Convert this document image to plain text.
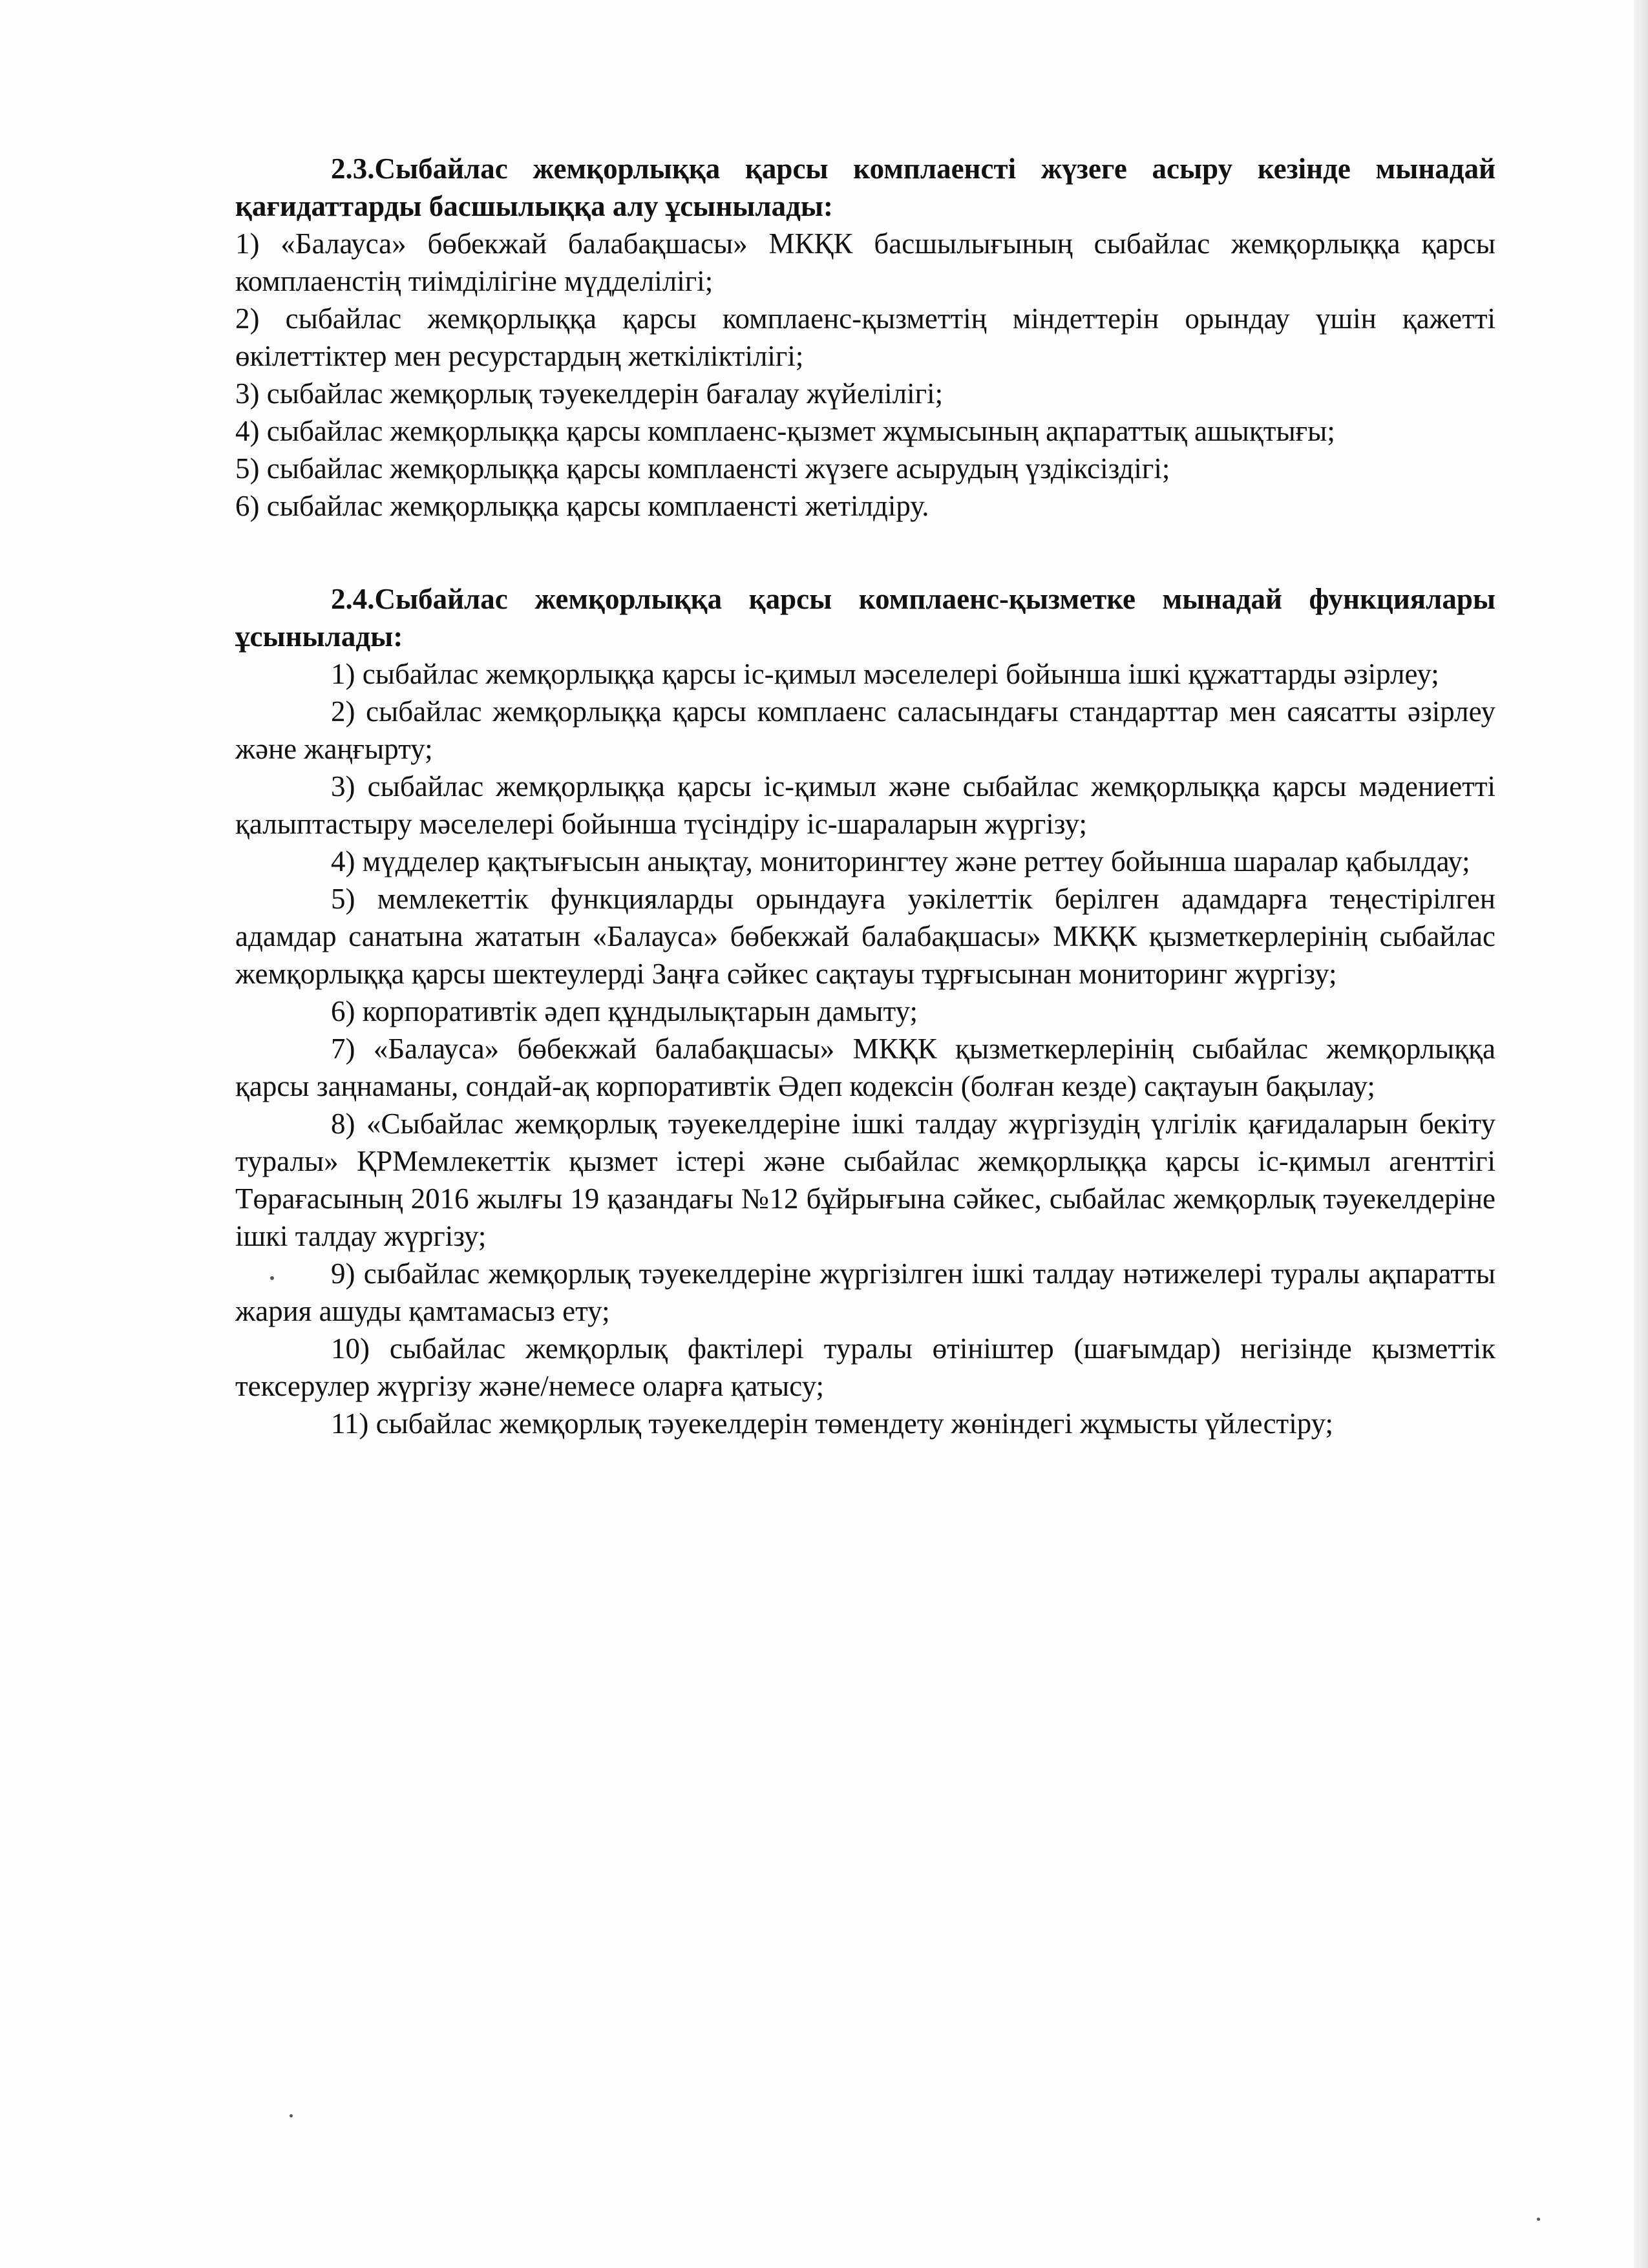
2.3.Сыбайлас жемқорлыққа қарсы комплаенсті жүзеге асыру кезінде мынадай қағидаттарды басшылыққа алу ұсынылады:

1) «Балауса» бөбекжай балабақшасы» МКҚК басшылығының сыбайлас жемқорлыққа қарсы комплаенстің тиімділігіне мүдделілігі;

2) сыбайлас жемқорлыққа қарсы комплаенс-қызметтің міндеттерін орындау үшін қажетті өкілеттіктер мен ресурстардың жеткіліктілігі;

3) сыбайлас жемқорлық тәуекелдерін бағалау жүйелілігі;

4) сыбайлас жемқорлыққа қарсы комплаенс-қызмет жұмысының ақпараттық ашықтығы;

5) сыбайлас жемқорлыққа қарсы комплаенсті жүзеге асырудың үздіксіздігі;

6) сыбайлас жемқорлыққа қарсы комплаенсті жетілдіру.

2.4.Сыбайлас жемқорлыққа қарсы комплаенс-қызметке мынадай функциялары ұсынылады:

1) сыбайлас жемқорлыққа қарсы іс-қимыл мәселелері бойынша ішкі құжаттарды әзірлеу;

2) сыбайлас жемқорлыққа қарсы комплаенс саласындағы стандарттар мен саясатты әзірлеу және жаңғырту;

3) сыбайлас жемқорлыққа қарсы іс-қимыл және сыбайлас жемқорлыққа қарсы мәдениетті қалыптастыру мәселелері бойынша түсіндіру іс-шараларын жүргізу;

4) мүдделер қақтығысын анықтау, мониторингтеу және реттеу бойынша шаралар қабылдау;

5) мемлекеттік функцияларды орындауға уәкілеттік берілген адамдарға теңестірілген адамдар санатына жататын «Балауса» бөбекжай балабақшасы» МКҚК қызметкерлерінің сыбайлас жемқорлыққа қарсы шектеулерді Заңға сәйкес сақтауы тұрғысынан мониторинг жүргізу;

6) корпоративтік әдеп құндылықтарын дамыту;

7) «Балауса» бөбекжай балабақшасы» МКҚК қызметкерлерінің сыбайлас жемқорлыққа қарсы заңнаманы, сондай-ақ корпоративтік Әдеп кодексін (болған кезде) сақтауын бақылау;

8) «Сыбайлас жемқорлық тәуекелдеріне ішкі талдау жүргізудің үлгілік қағидаларын бекіту туралы» ҚРМемлекеттік қызмет істері және сыбайлас жемқорлыққа қарсы іс-қимыл агенттігі Төрағасының 2016 жылғы 19 қазандағы №12 бұйрығына сәйкес, сыбайлас жемқорлық тәуекелдеріне ішкі талдау жүргізу;

9) сыбайлас жемқорлық тәуекелдеріне жүргізілген ішкі талдау нәтижелері туралы ақпаратты жария ашуды қамтамасыз ету;

10) сыбайлас жемқорлық фактілері туралы өтініштер (шағымдар) негізінде қызметтік тексерулер жүргізу және/немесе оларға қатысу;

11) сыбайлас жемқорлық тәуекелдерін төмендету жөніндегі жұмысты үйлестіру;
